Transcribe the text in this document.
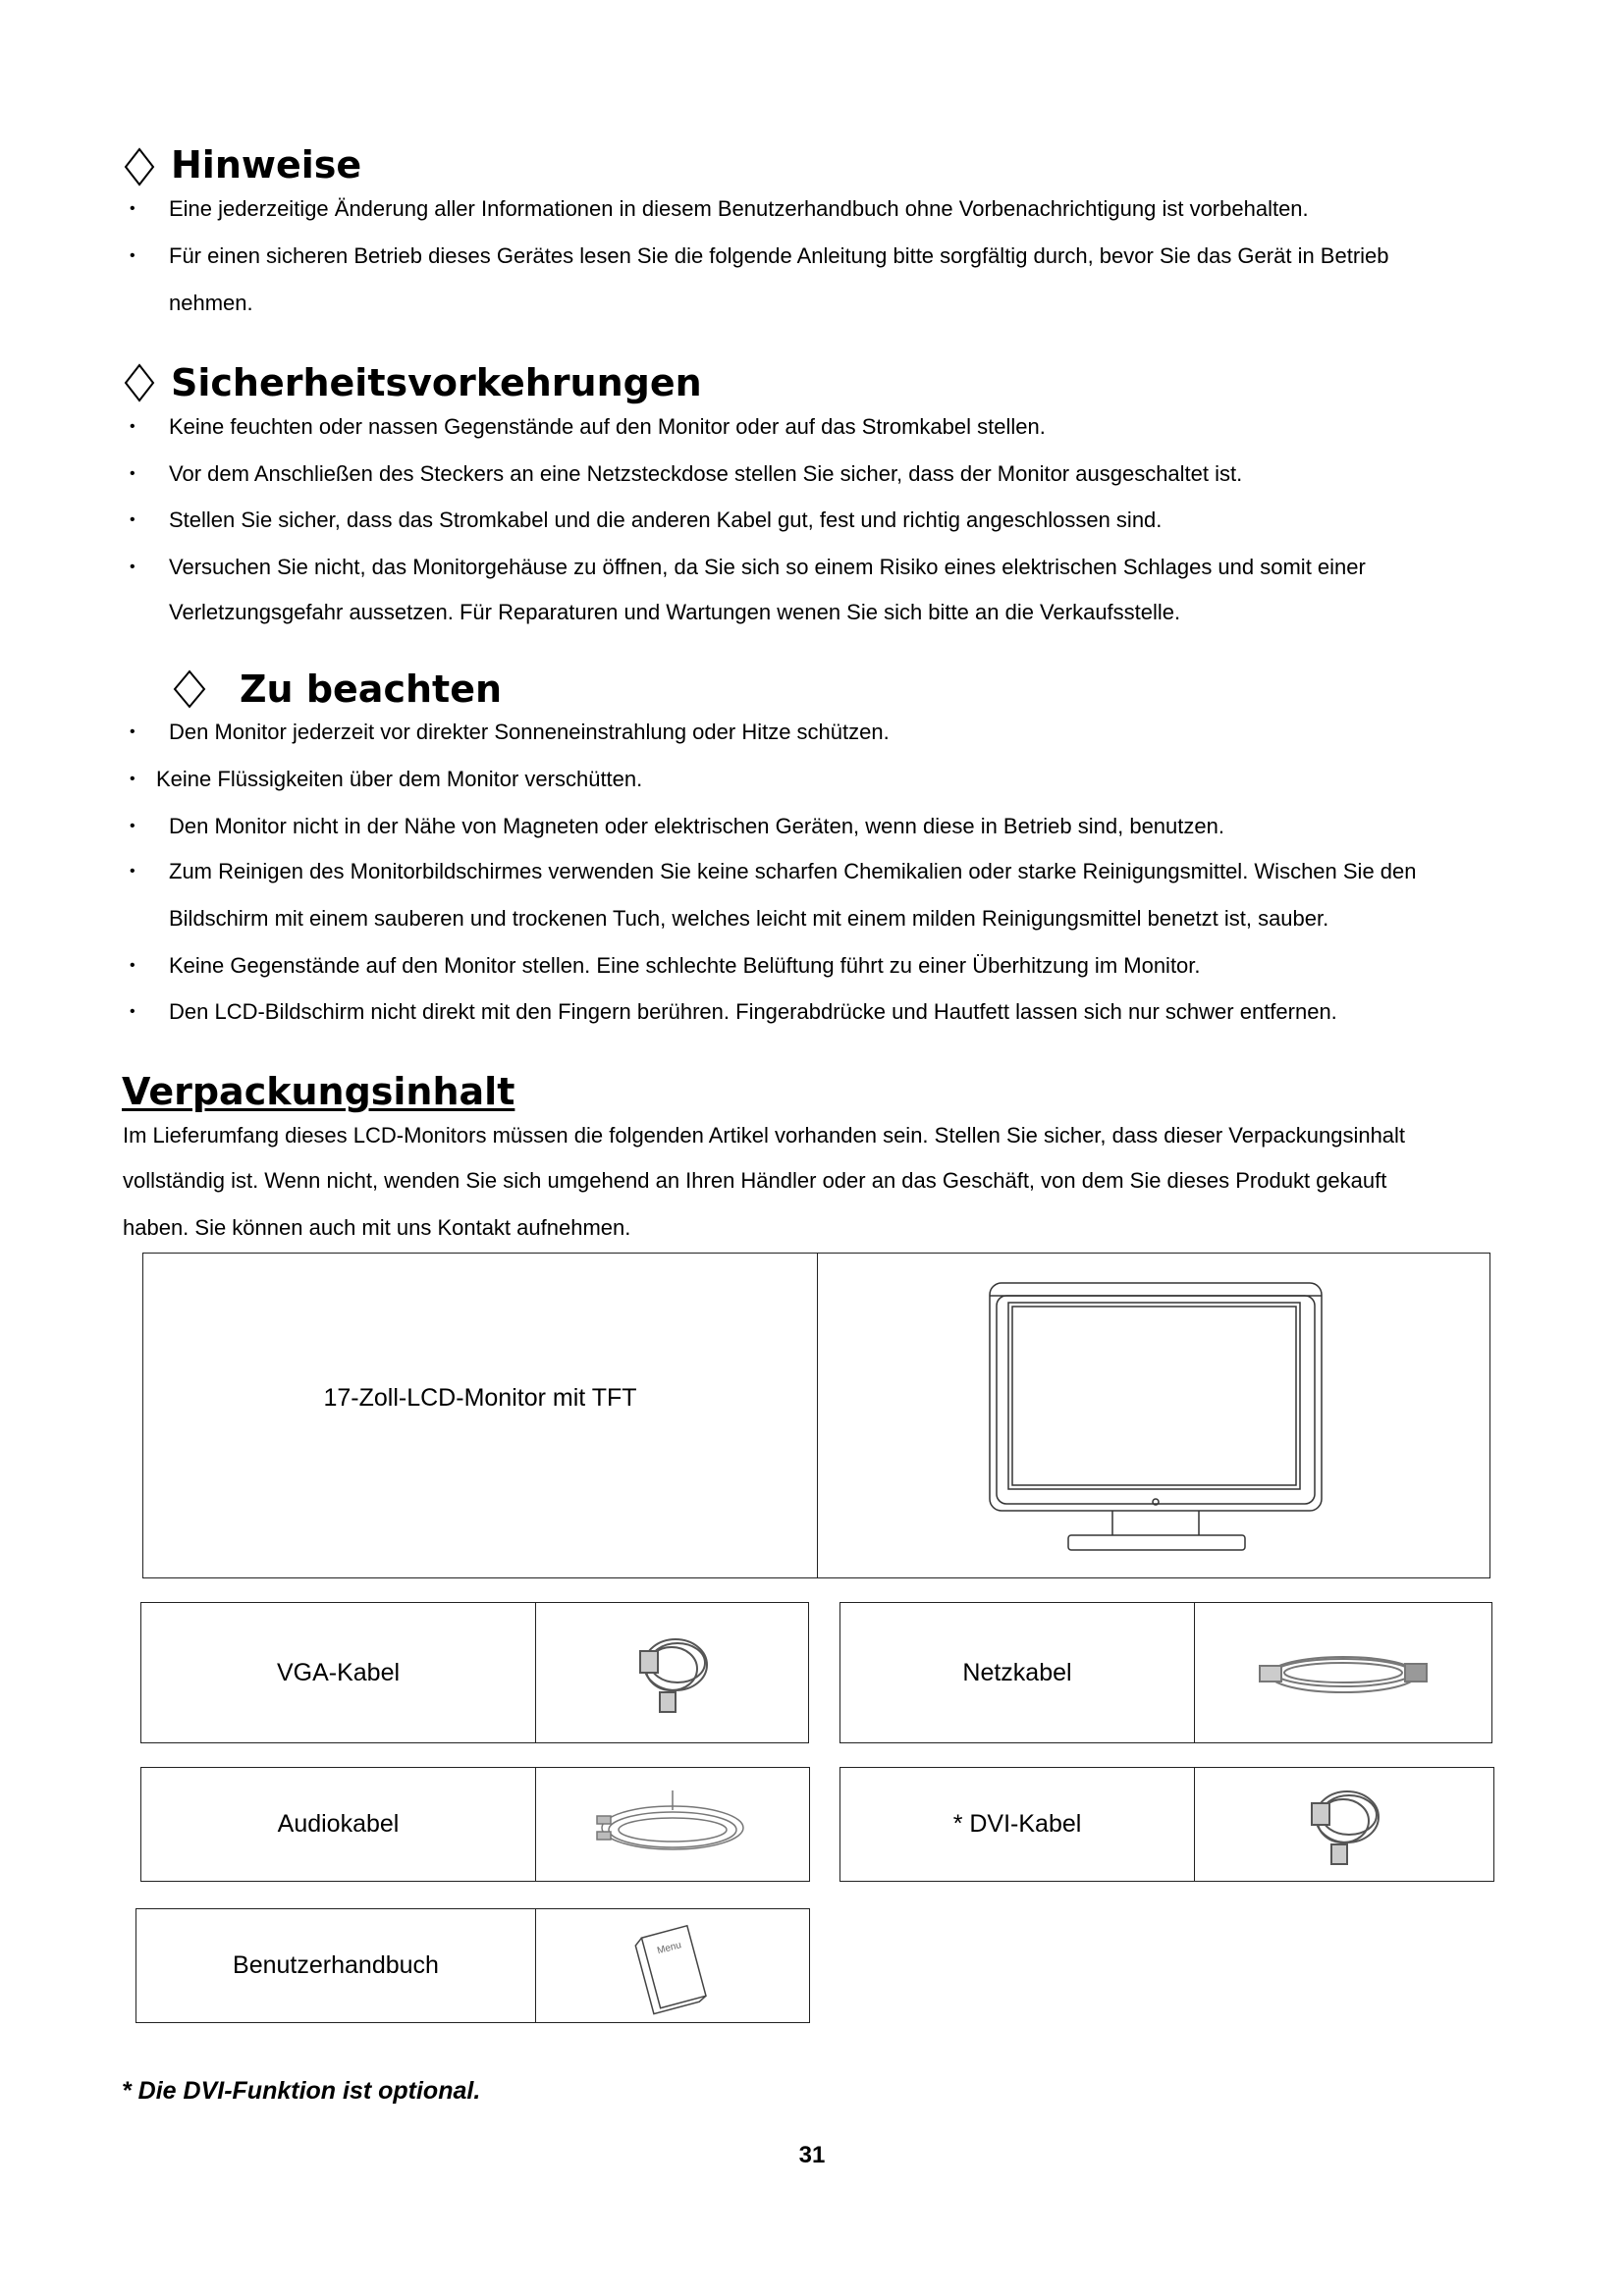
Hinweise
• Eine jederzeitige Änderung aller Informationen in diesem Benutzerhandbuch ohne Vorbenachrichtigung ist vorbehalten.
• Für einen sicheren Betrieb dieses Gerätes lesen Sie die folgende Anleitung bitte sorgfältig durch, bevor Sie das Gerät in Betrieb
nehmen.
Sicherheitsvorkehrungen
• Keine feuchten oder nassen Gegenstände auf den Monitor oder auf das Stromkabel stellen.
• Vor dem Anschließen des Steckers an eine Netzsteckdose stellen Sie sicher, dass der Monitor ausgeschaltet ist.
• Stellen Sie sicher, dass das Stromkabel und die anderen Kabel gut, fest und richtig angeschlossen sind.
• Versuchen Sie nicht, das Monitorgehäuse zu öffnen, da Sie sich so einem Risiko eines elektrischen Schlages und somit einer
Verletzungsgefahr aussetzen. Für Reparaturen und Wartungen wenen Sie sich bitte an die Verkaufsstelle.
Zu beachten
• Den Monitor jederzeit vor direkter Sonneneinstrahlung oder Hitze schützen.
• Keine Flüssigkeiten über dem Monitor verschütten.
• Den Monitor nicht in der Nähe von Magneten oder elektrischen Geräten, wenn diese in Betrieb sind, benutzen.
• Zum Reinigen des Monitorbildschirmes verwenden Sie keine scharfen Chemikalien oder starke Reinigungsmittel. Wischen Sie den
Bildschirm mit einem sauberen und trockenen Tuch, welches leicht mit einem milden Reinigungsmittel benetzt ist, sauber.
• Keine Gegenstände auf den Monitor stellen. Eine schlechte Belüftung führt zu einer Überhitzung im Monitor.
• Den LCD-Bildschirm nicht direkt mit den Fingern berühren. Fingerabdrücke und Hautfett lassen sich nur schwer entfernen.
Verpackungsinhalt
Im Lieferumfang dieses LCD-Monitors müssen die folgenden Artikel vorhanden sein. Stellen Sie sicher, dass dieser Verpackungsinhalt
vollständig ist. Wenn nicht, wenden Sie sich umgehend an Ihren Händler oder an das Geschäft, von dem Sie dieses Produkt gekauft
haben. Sie können auch mit uns Kontakt aufnehmen.
17-Zoll-LCD-Monitor mit TFT
VGA-Kabel	Netzkabel
Audiokabel	* DVI-Kabel
Benutzerhandbuch
Menu
* Die DVI-Funktion ist optional.
31
